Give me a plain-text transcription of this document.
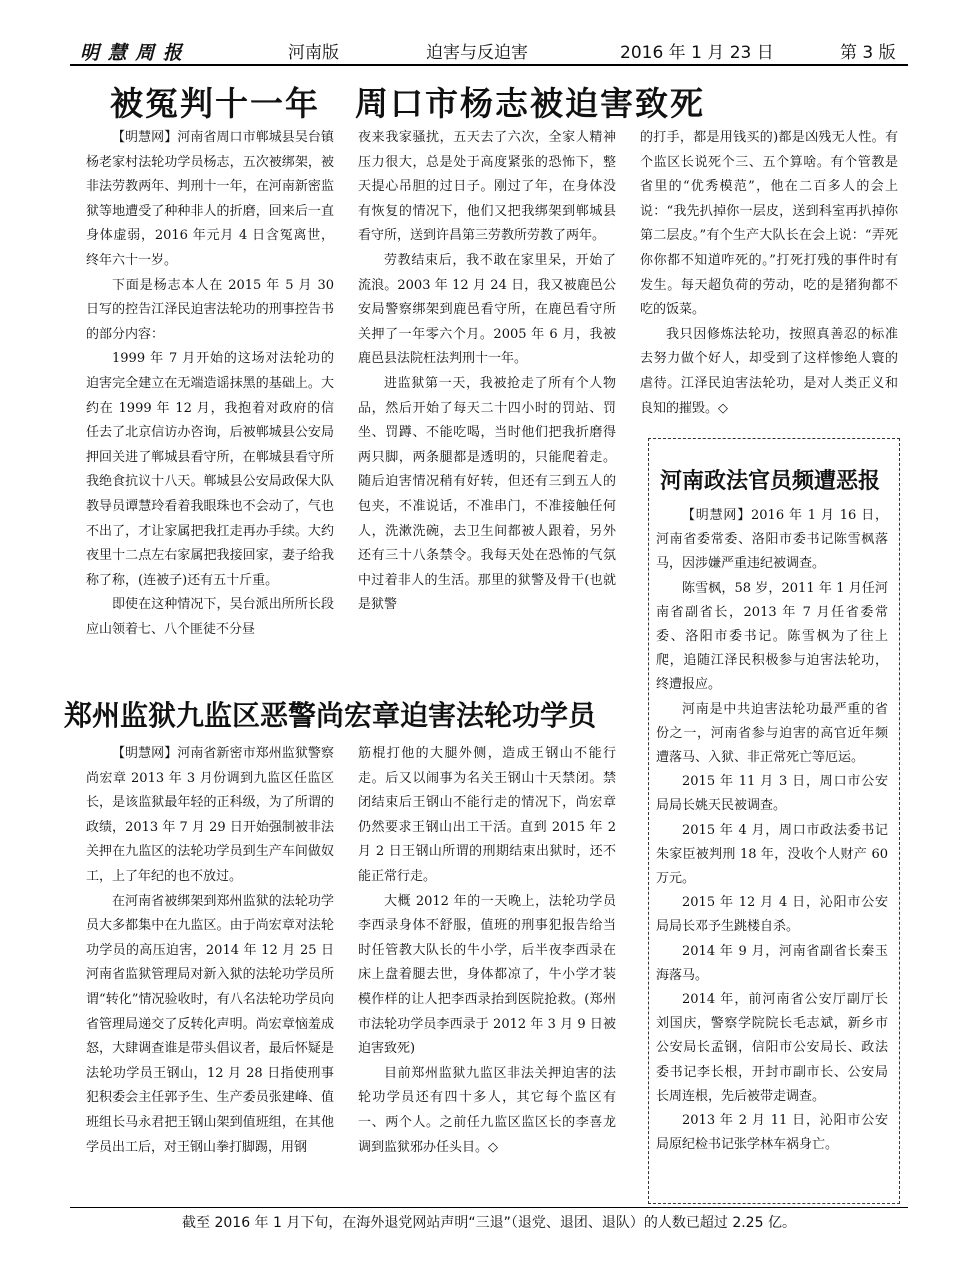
明 慧 周 报	河南版	迫害与反迫害	2016 年 1 月 23 日	第 3 版
被冤判十一年　周口市杨志被迫害致死

【明慧网】河南省周口市郸城县吴台镇杨老家村法轮功学员杨志，五次被绑架，被非法劳教两年、判刑十一年，在河南新密监狱等地遭受了种种非人的折磨，回来后一直身体虚弱，2016 年元月 4 日含冤离世，终年六十一岁。

下面是杨志本人在 2015 年 5 月 30 日写的控告江泽民迫害法轮功的刑事控告书的部分内容：

1999 年 7 月开始的这场对法轮功的迫害完全建立在无端造谣抹黑的基础上。大约在 1999 年 12 月，我抱着对政府的信任去了北京信访办咨询，后被郸城县公安局押回关进了郸城县看守所，在郸城县看守所我绝食抗议十八天。郸城县公安局政保大队教导员谭慧玲看着我眼珠也不会动了，气也不出了，才让家属把我扛走再办手续。大约夜里十二点左右家属把我接回家，妻子给我称了称，(连被子)还有五十斤重。

即使在这种情况下，吴台派出所所长段应山领着七、八个匪徒不分昼

夜来我家骚扰，五天去了六次，全家人精神压力很大，总是处于高度紧张的恐怖下，整天提心吊胆的过日子。刚过了年，在身体没有恢复的情况下，他们又把我绑架到郸城县看守所，送到许昌第三劳教所劳教了两年。

劳教结束后，我不敢在家里呆，开始了流浪。2003 年 12 月 24 日，我又被鹿邑公安局警察绑架到鹿邑看守所，在鹿邑看守所关押了一年零六个月。2005 年 6 月，我被鹿邑县法院枉法判刑十一年。

进监狱第一天，我被抢走了所有个人物品，然后开始了每天二十四小时的罚站、罚坐、罚蹲、不能吃喝，当时他们把我折磨得两只脚，两条腿都是透明的，只能爬着走。随后迫害情况稍有好转，但还有三到五人的包夹，不准说话，不准串门，不准接触任何人，洗漱洗碗，去卫生间都被人跟着，另外还有三十八条禁令。我每天处在恐怖的气氛中过着非人的生活。那里的狱警及骨干(也就是狱警

的打手，都是用钱买的)都是凶残无人性。有个监区长说死个三、五个算啥。有个管教是省里的“优秀模范”，他在二百多人的会上说：“我先扒掉你一层皮，送到科室再扒掉你第二层皮。”有个生产大队长在会上说：“弄死你你都不知道咋死的。”打死打残的事件时有发生。每天超负荷的劳动，吃的是猪狗都不吃的饭菜。

我只因修炼法轮功，按照真善忍的标准去努力做个好人，却受到了这样惨绝人寰的虐待。江泽民迫害法轮功，是对人类正义和良知的摧毁。◇

郑州监狱九监区恶警尚宏章迫害法轮功学员

【明慧网】河南省新密市郑州监狱警察尚宏章 2013 年 3 月份调到九监区任监区长，是该监狱最年轻的正科级，为了所谓的政绩，2013 年 7 月 29 日开始强制被非法关押在九监区的法轮功学员到生产车间做奴工，上了年纪的也不放过。

在河南省被绑架到郑州监狱的法轮功学员大多都集中在九监区。由于尚宏章对法轮功学员的高压迫害，2014 年 12 月 25 日河南省监狱管理局对新入狱的法轮功学员所谓“转化”情况验收时，有八名法轮功学员向省管理局递交了反转化声明。尚宏章恼羞成怒，大肆调查谁是带头倡议者，最后怀疑是法轮功学员王钢山，12 月 28 日指使刑事犯积委会主任郭予生、生产委员张建峰、值班组长马永君把王钢山架到值班组，在其他学员出工后，对王钢山拳打脚踢，用钢

筋棍打他的大腿外侧，造成王钢山不能行走。后又以闹事为名关王钢山十天禁闭。禁闭结束后王钢山不能行走的情况下，尚宏章仍然要求王钢山出工干活。直到 2015 年 2 月 2 日王钢山所谓的刑期结束出狱时，还不能正常行走。

大概 2012 年的一天晚上，法轮功学员李西录身体不舒服，值班的刑事犯报告给当时任管教大队长的牛小学，后半夜李西录在床上盘着腿去世，身体都凉了，牛小学才装模作样的让人把李西录抬到医院抢救。(郑州市法轮功学员李西录于 2012 年 3 月 9 日被迫害致死)

目前郑州监狱九监区非法关押迫害的法轮功学员还有四十多人，其它每个监区有一、两个人。之前任九监区监区长的李喜龙调到监狱邪办任头目。◇

河南政法官员频遭恶报

【明慧网】2016 年 1 月 16 日，河南省委常委、洛阳市委书记陈雪枫落马，因涉嫌严重违纪被调查。

陈雪枫，58 岁，2011 年 1 月任河南省副省长，2013 年 7 月任省委常委、洛阳市委书记。陈雪枫为了往上爬，追随江泽民积极参与迫害法轮功，终遭报应。

河南是中共迫害法轮功最严重的省份之一，河南省参与迫害的高官近年频遭落马、入狱、非正常死亡等厄运。

2015 年 11 月 3 日，周口市公安局局长姚天民被调查。

2015 年 4 月，周口市政法委书记朱家臣被判刑 18 年，没收个人财产 60 万元。

2015 年 12 月 4 日，沁阳市公安局局长邓予生跳楼自杀。

2014 年 9 月，河南省副省长秦玉海落马。

2014 年，前河南省公安厅副厅长刘国庆，警察学院院长毛志斌，新乡市公安局长孟钢，信阳市公安局长、政法委书记李长根，开封市副市长、公安局长周连根，先后被带走调查。

2013 年 2 月 11 日，沁阳市公安局原纪检书记张学林车祸身亡。

截至 2016 年 1 月下旬，在海外退党网站声明“三退”（退党、退团、退队）的人数已超过 2.25 亿。
